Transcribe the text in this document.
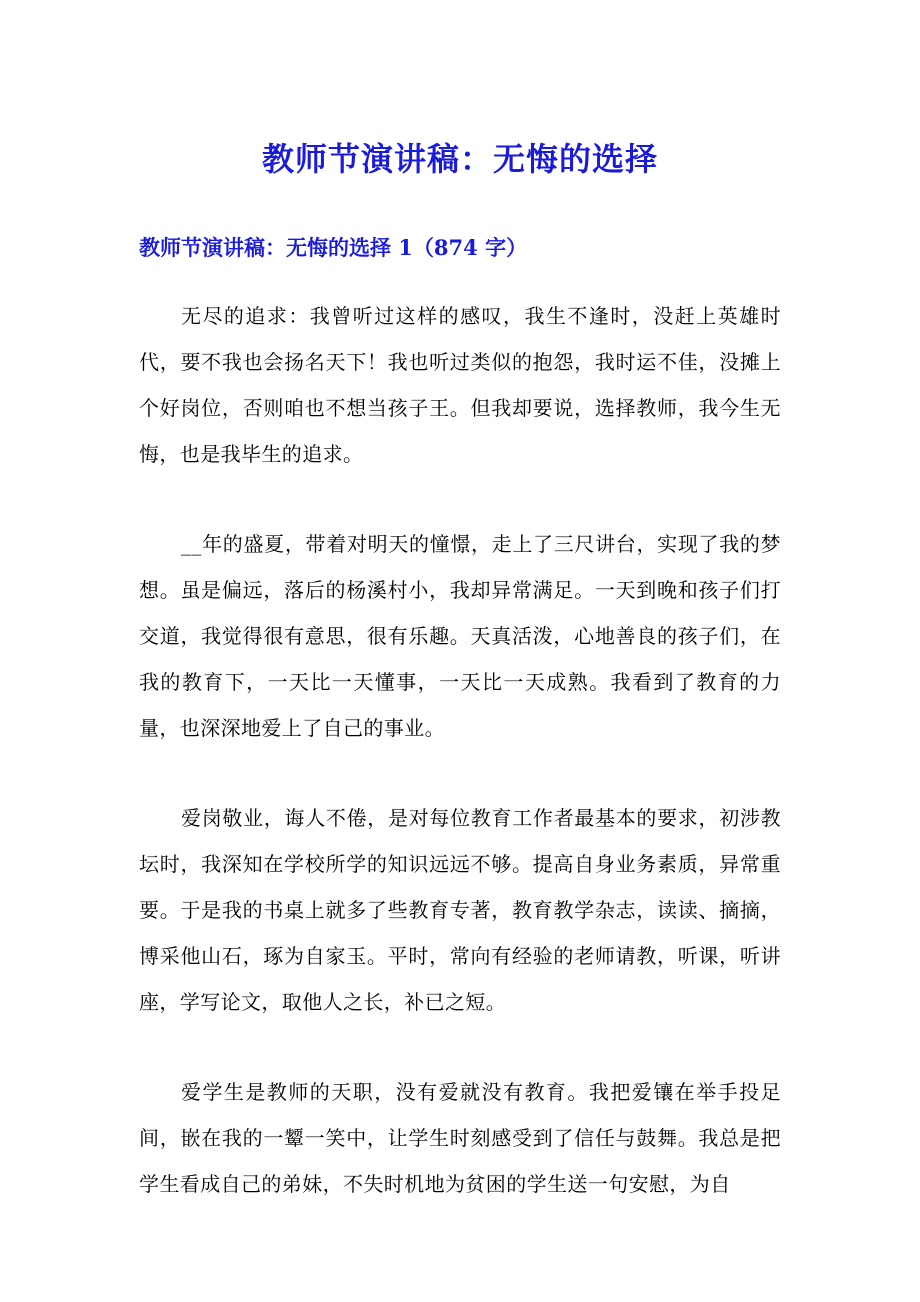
教师节演讲稿：无悔的选择
教师节演讲稿：无悔的选择 1（874 字）

无尽的追求：我曾听过这样的感叹，我生不逢时，没赶上英雄时代，要不我也会扬名天下！我也听过类似的抱怨，我时运不佳，没摊上个好岗位，否则咱也不想当孩子王。但我却要说，选择教师，我今生无悔，也是我毕生的追求。

__年的盛夏，带着对明天的憧憬，走上了三尺讲台，实现了我的梦想。虽是偏远，落后的杨溪村小，我却异常满足。一天到晚和孩子们打交道，我觉得很有意思，很有乐趣。天真活泼，心地善良的孩子们，在我的教育下，一天比一天懂事，一天比一天成熟。我看到了教育的力量，也深深地爱上了自己的事业。

爱岗敬业，诲人不倦，是对每位教育工作者最基本的要求，初涉教坛时，我深知在学校所学的知识远远不够。提高自身业务素质，异常重要。于是我的书桌上就多了些教育专著，教育教学杂志，读读、摘摘，博采他山石，琢为自家玉。平时，常向有经验的老师请教，听课，听讲座，学写论文，取他人之长，补已之短。

爱学生是教师的天职，没有爱就没有教育。我把爱镶在举手投足间，嵌在我的一颦一笑中，让学生时刻感受到了信任与鼓舞。我总是把学生看成自己的弟妹，不失时机地为贫困的学生送一句安慰，为自
